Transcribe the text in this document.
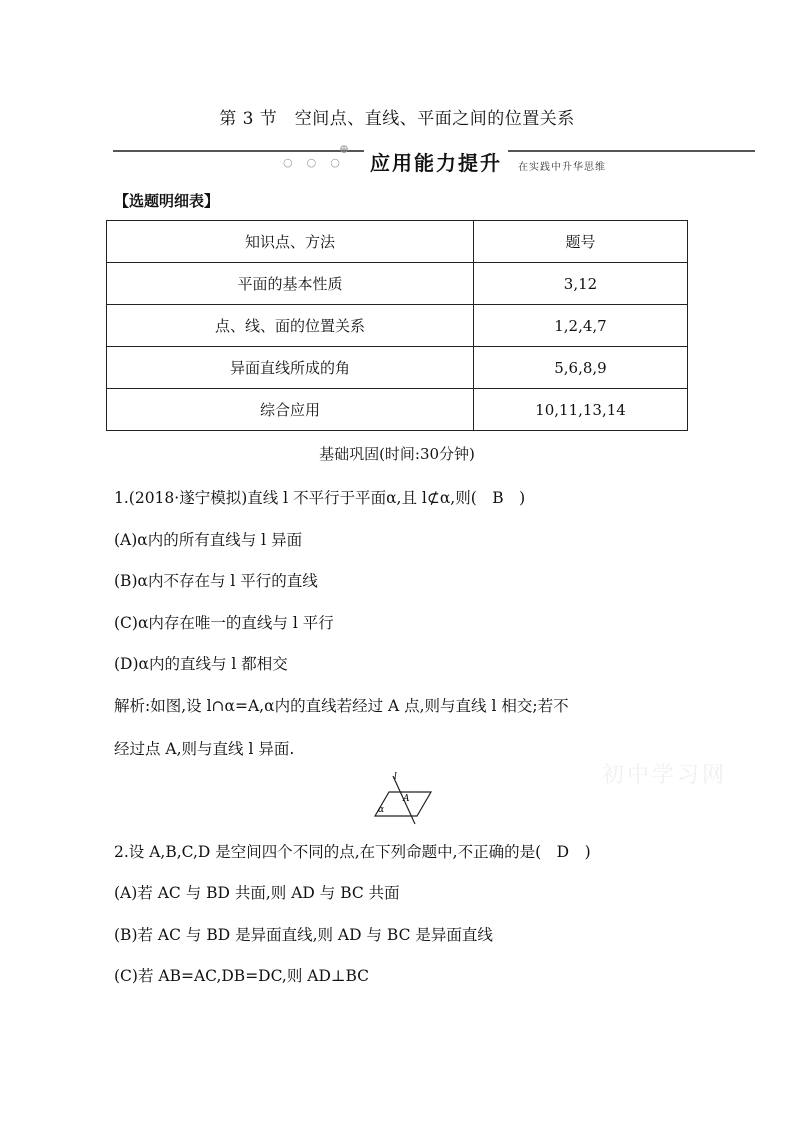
第 3 节　空间点、直线、平面之间的位置关系
○○○
⊕
应用能力提升	在实践中升华思维
【选题明细表】
知识点、方法	题号
平面的基本性质	3,12
点、线、面的位置关系	1,2,4,7
异面直线所成的角	5,6,8,9
综合应用	10,11,13,14
基础巩固(时间:30分钟)
1.(2018·遂宁模拟)直线 l 不平行于平面α,且 l⊄α,则(　B　)
(A)α内的所有直线与 l 异面
(B)α内不存在与 l 平行的直线
(C)α内存在唯一的直线与 l 平行
(D)α内的直线与 l 都相交
解析:如图,设 l∩α=A,α内的直线若经过 A 点,则与直线 l 相交;若不
经过点 A,则与直线 l 异面.
初中学习网
l
α
A
2.设 A,B,C,D 是空间四个不同的点,在下列命题中,不正确的是(　D　)
(A)若 AC 与 BD 共面,则 AD 与 BC 共面
(B)若 AC 与 BD 是异面直线,则 AD 与 BC 是异面直线
(C)若 AB=AC,DB=DC,则 AD⊥BC
